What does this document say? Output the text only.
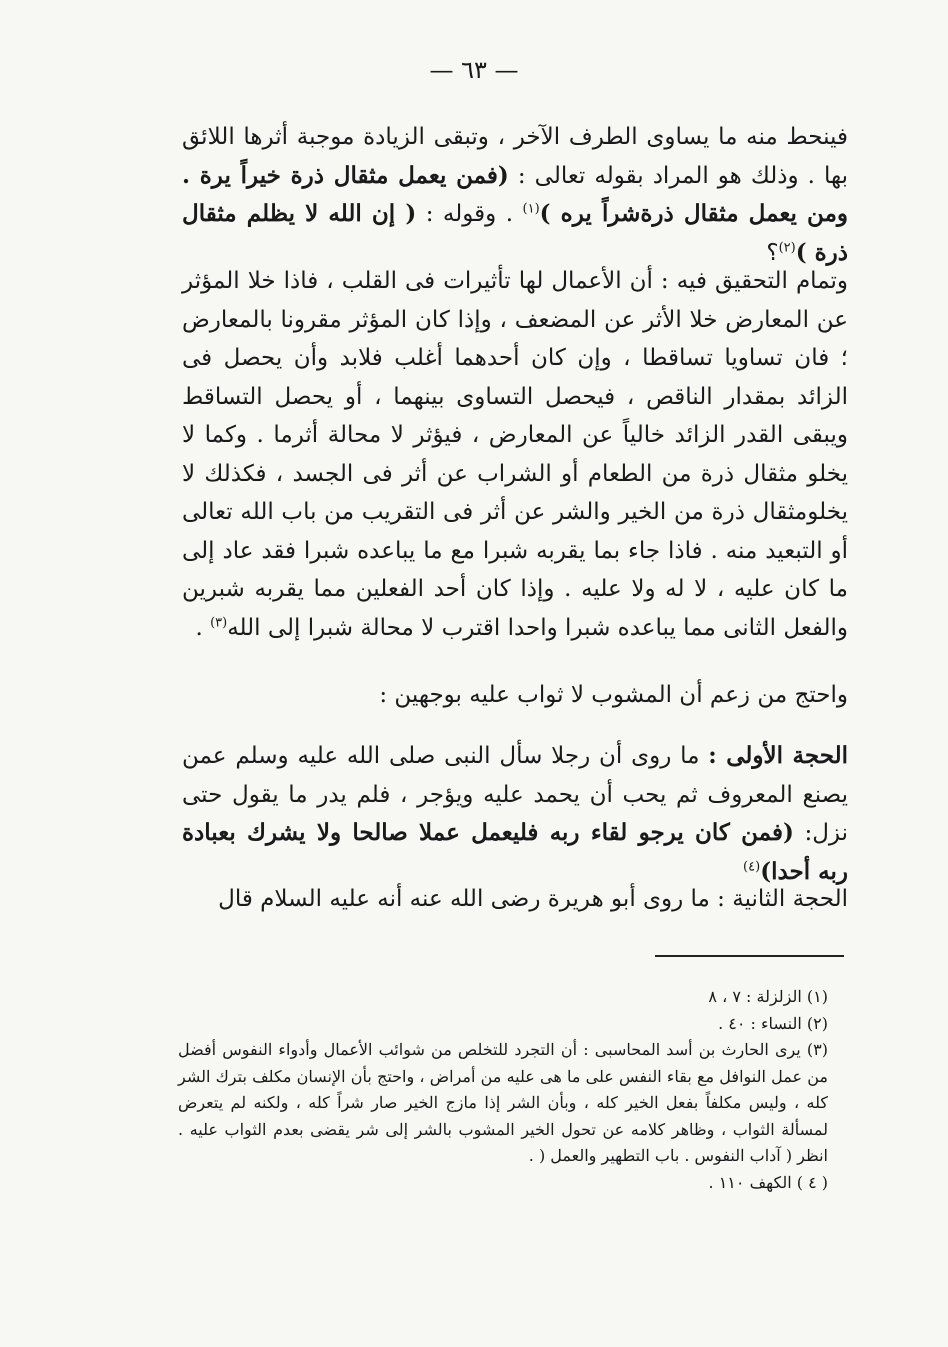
— ٦٣ —

فينحط منه ما يساوى الطرف الآخر ، وتبقى الزيادة موجبة أثرها اللائق بها . وذلك هو المراد بقوله تعالى : (فمن يعمل مثقال ذرة خيراً يرة . ومن يعمل مثقال ذرةشراً يره )$^{(١)}$ . وقوله : ( إن الله لا يظلم مثقال ذرة )$^{(٢)}$؟

وتمام التحقيق فيه : أن الأعمال لها تأثيرات فى القلب ، فاذا خلا المؤثر عن المعارض خلا الأثر عن المضعف ، وإذا كان المؤثر مقرونا بالمعارض ؛ فان تساويا تساقطا ، وإن كان أحدهما أغلب فلابد وأن يحصل فى الزائد بمقدار الناقص ، فيحصل التساوى بينهما ، أو يحصل التساقط ويبقى القدر الزائد خالياً عن المعارض ، فيؤثر لا محالة أثرما . وكما لا يخلو مثقال ذرة من الطعام أو الشراب عن أثر فى الجسد ، فكذلك لا يخلومثقال ذرة من الخير والشر عن أثر فى التقريب من باب الله تعالى أو التبعيد منه . فاذا جاء بما يقربه شبرا مع ما يباعده شبرا فقد عاد إلى ما كان عليه ، لا له ولا عليه . وإذا كان أحد الفعلين مما يقربه شبرين والفعل الثانى مما يباعده شبرا واحدا اقترب لا محالة شبرا إلى الله$^{(٣)}$ .

واحتج من زعم أن المشوب لا ثواب عليه بوجهين :

الحجة الأولى : ما روى أن رجلا سأل النبى صلى الله عليه وسلم عمن يصنع المعروف ثم يحب أن يحمد عليه ويؤجر ، فلم يدر ما يقول حتى نزل: (فمن كان يرجو لقاء ربه فليعمل عملا صالحا ولا يشرك بعبادة ربه أحدا)$^{(٤)}$

الحجة الثانية : ما روى أبو هريرة رضى الله عنه أنه عليه السلام قال

(١) الزلزلة : ٧ ، ٨

(٢) النساء : ٤٠ .

(٣) يرى الحارث بن أسد المحاسبى : أن التجرد للتخلص من شوائب الأعمال وأدواء النفوس أفضل من عمل النوافل مع بقاء النفس على ما هى عليه من أمراض ، واحتج بأن الإنسان مكلف بترك الشر كله ، وليس مكلفاً بفعل الخير كله ، وبأن الشر إذا مازج الخير صار شراً كله ، ولكنه لم يتعرض لمسألة الثواب ، وظاهر كلامه عن تحول الخير المشوب بالشر إلى شر يقضى بعدم الثواب عليه . انظر ( آداب النفوس . باب التطهير والعمل ( .

( ٤ ) الكهف ١١٠ .
